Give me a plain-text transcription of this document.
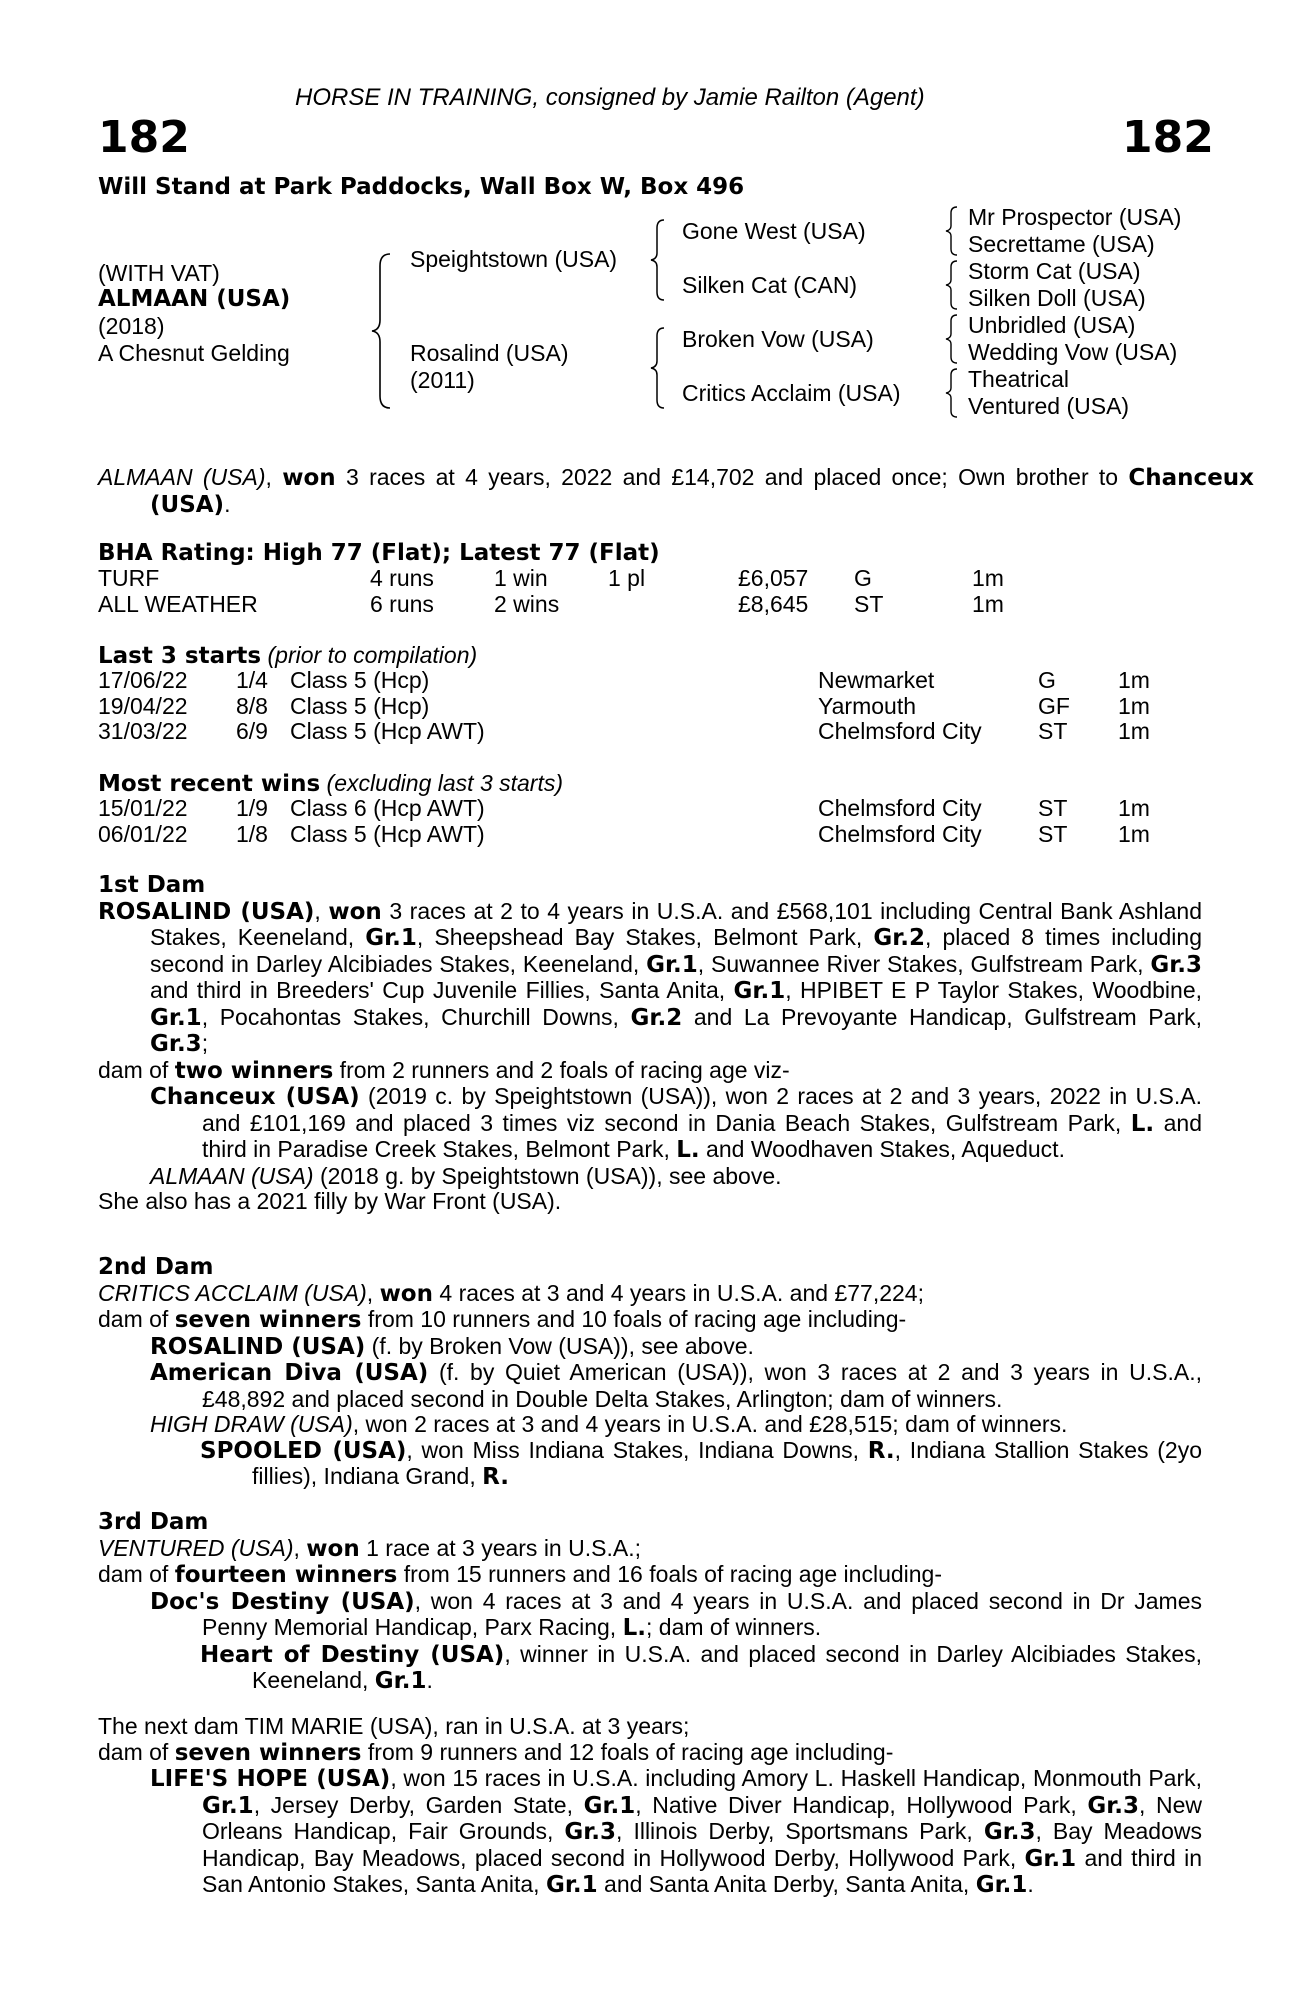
HORSE IN TRAINING, consigned by Jamie Railton (Agent)
182	182
Will Stand at Park Paddocks, Wall Box W, Box 496
(WITH VAT)
ALMAAN (USA)
(2018)
A Chesnut Gelding
Speightstown (USA)
Rosalind (USA)
(2011)
Gone West (USA)
Silken Cat (CAN)
Broken Vow (USA)
Critics Acclaim (USA)
Mr Prospector (USA)
Secrettame (USA)
Storm Cat (USA)
Silken Doll (USA)
Unbridled (USA)
Wedding Vow (USA)
Theatrical
Ventured (USA)

ALMAAN (USA), won 3 races at 4 years, 2022 and £14,702 and placed once; Own brother to Chanceux (USA).

BHA Rating: High 77 (Flat); Latest 77 (Flat)
TURF	4 runs	1 win	1 pl	£6,057	G	1m
ALL WEATHER	6 runs	2 wins		£8,645	ST	1m
Last 3 starts (prior to compilation)
17/06/22	1/4	Class 5 (Hcp)	Newmarket	G	1m
19/04/22	8/8	Class 5 (Hcp)	Yarmouth	GF	1m
31/03/22	6/9	Class 5 (Hcp AWT)	Chelmsford City	ST	1m
Most recent wins (excluding last 3 starts)
15/01/22	1/9	Class 6 (Hcp AWT)	Chelmsford City	ST	1m
06/01/22	1/8	Class 5 (Hcp AWT)	Chelmsford City	ST	1m

1st Dam

ROSALIND (USA), won 3 races at 2 to 4 years in U.S.A. and £568,101 including Central Bank Ashland Stakes, Keeneland, Gr.1, Sheepshead Bay Stakes, Belmont Park, Gr.2, placed 8 times including second in Darley Alcibiades Stakes, Keeneland, Gr.1, Suwannee River Stakes, Gulfstream Park, Gr.3 and third in Breeders' Cup Juvenile Fillies, Santa Anita, Gr.1, HPIBET E P Taylor Stakes, Woodbine, Gr.1, Pocahontas Stakes, Churchill Downs, Gr.2 and La Prevoyante Handicap, Gulfstream Park, Gr.3;

dam of two winners from 2 runners and 2 foals of racing age viz-

Chanceux (USA) (2019 c. by Speightstown (USA)), won 2 races at 2 and 3 years, 2022 in U.S.A. and £101,169 and placed 3 times viz second in Dania Beach Stakes, Gulfstream Park, L. and third in Paradise Creek Stakes, Belmont Park, L. and Woodhaven Stakes, Aqueduct.

ALMAAN (USA) (2018 g. by Speightstown (USA)), see above.

She also has a 2021 filly by War Front (USA).

2nd Dam

CRITICS ACCLAIM (USA), won 4 races at 3 and 4 years in U.S.A. and £77,224;

dam of seven winners from 10 runners and 10 foals of racing age including-

ROSALIND (USA) (f. by Broken Vow (USA)), see above.

American Diva (USA) (f. by Quiet American (USA)), won 3 races at 2 and 3 years in U.S.A., £48,892 and placed second in Double Delta Stakes, Arlington; dam of winners.

HIGH DRAW (USA), won 2 races at 3 and 4 years in U.S.A. and £28,515; dam of winners.

SPOOLED (USA), won Miss Indiana Stakes, Indiana Downs, R., Indiana Stallion Stakes (2yo fillies), Indiana Grand, R.

3rd Dam

VENTURED (USA), won 1 race at 3 years in U.S.A.;

dam of fourteen winners from 15 runners and 16 foals of racing age including-

Doc's Destiny (USA), won 4 races at 3 and 4 years in U.S.A. and placed second in Dr James Penny Memorial Handicap, Parx Racing, L.; dam of winners.

Heart of Destiny (USA), winner in U.S.A. and placed second in Darley Alcibiades Stakes, Keeneland, Gr.1.

The next dam TIM MARIE (USA), ran in U.S.A. at 3 years;

dam of seven winners from 9 runners and 12 foals of racing age including-

LIFE'S HOPE (USA), won 15 races in U.S.A. including Amory L. Haskell Handicap, Monmouth Park, Gr.1, Jersey Derby, Garden State, Gr.1, Native Diver Handicap, Hollywood Park, Gr.3, New Orleans Handicap, Fair Grounds, Gr.3, Illinois Derby, Sportsmans Park, Gr.3, Bay Meadows Handicap, Bay Meadows, placed second in Hollywood Derby, Hollywood Park, Gr.1 and third in San Antonio Stakes, Santa Anita, Gr.1 and Santa Anita Derby, Santa Anita, Gr.1.
